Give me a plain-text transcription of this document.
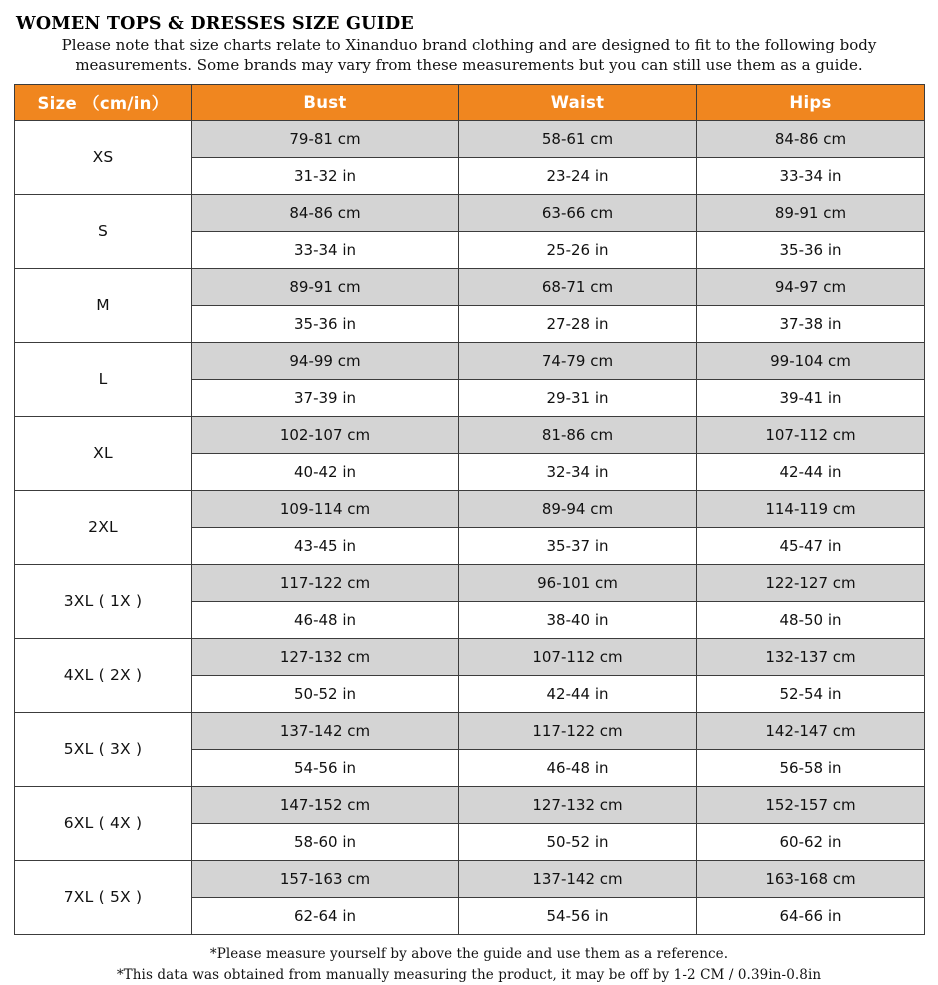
WOMEN TOPS & DRESSES SIZE GUIDE

Please note that size charts relate to Xinanduo brand clothing and are designed to fit to the following body measurements. Some brands may vary from these measurements but you can still use them as a guide.

Size （cm/in）	Bust	Waist	Hips
XS	79-81 cm	58-61 cm	84-86 cm
	31-32 in	23-24 in	33-34 in
S	84-86 cm	63-66 cm	89-91 cm
	33-34 in	25-26 in	35-36 in
M	89-91 cm	68-71 cm	94-97 cm
	35-36 in	27-28 in	37-38 in
L	94-99 cm	74-79 cm	99-104 cm
	37-39 in	29-31 in	39-41 in
XL	102-107 cm	81-86 cm	107-112 cm
	40-42 in	32-34 in	42-44 in
2XL	109-114 cm	89-94 cm	114-119 cm
	43-45 in	35-37 in	45-47 in
3XL ( 1X )	117-122 cm	96-101 cm	122-127 cm
	46-48 in	38-40 in	48-50 in
4XL ( 2X )	127-132 cm	107-112 cm	132-137 cm
	50-52 in	42-44 in	52-54 in
5XL ( 3X )	137-142 cm	117-122 cm	142-147 cm
	54-56 in	46-48 in	56-58 in
6XL ( 4X )	147-152 cm	127-132 cm	152-157 cm
	58-60 in	50-52 in	60-62 in
7XL ( 5X )	157-163 cm	137-142 cm	163-168 cm
	62-64 in	54-56 in	64-66 in
*Please measure yourself by above the guide and use them as a reference.
*This data was obtained from manually measuring the product, it may be off by 1-2 CM / 0.39in-0.8in
